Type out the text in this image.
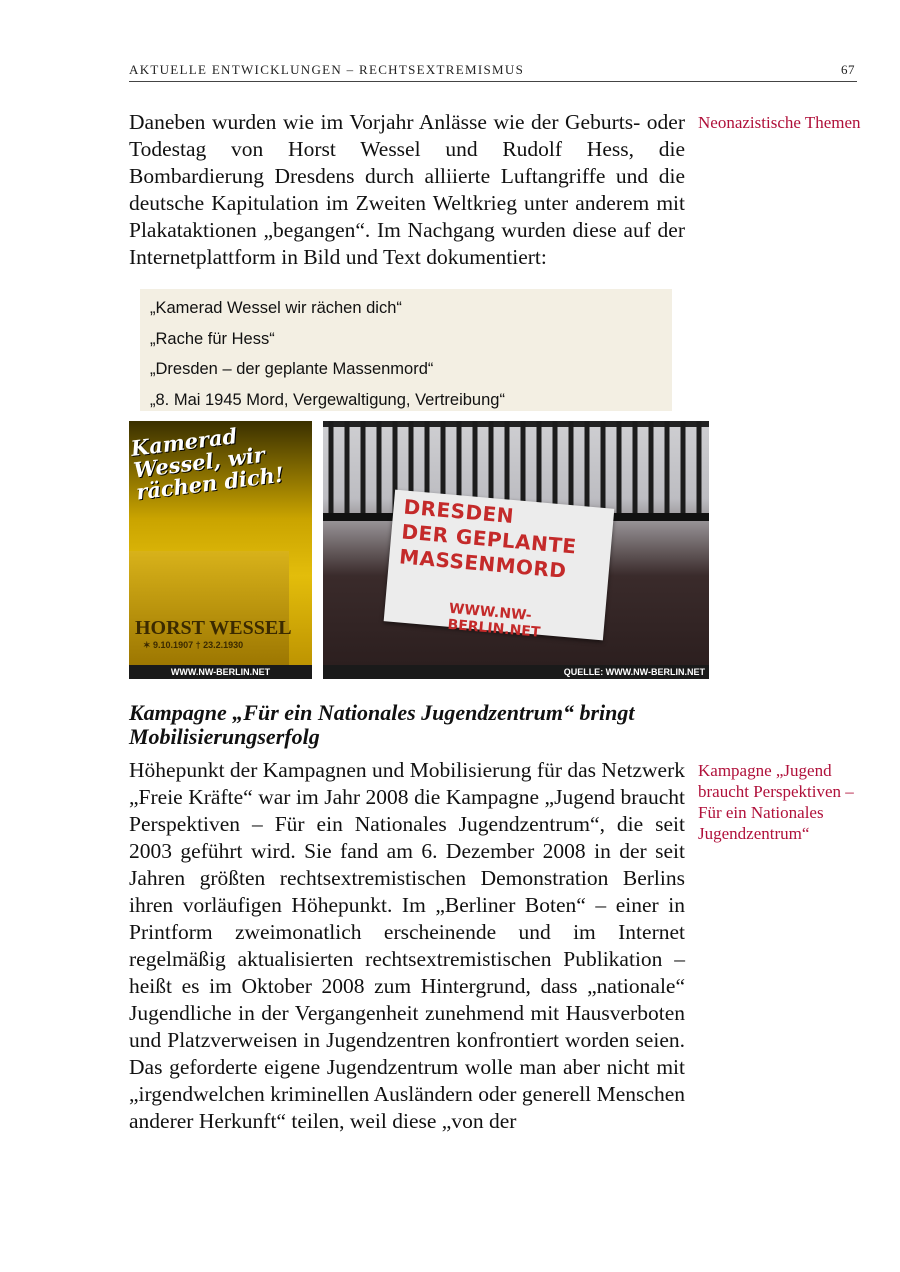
AKTUELLE ENTWICKLUNGEN – RECHTSEXTREMISMUS	67

Daneben wurden wie im Vorjahr Anlässe wie der Geburts- oder Todestag von Horst Wessel und Rudolf Hess, die Bombardierung Dresdens durch alliierte Luftangriffe und die deutsche Kapitulation im Zweiten Weltkrieg unter anderem mit Plakataktionen „begangen“. Im Nachgang wurden diese auf der Internetplattform in Bild und Text dokumentiert:

Neonazistische Themen
„Kamerad Wessel wir rächen dich“
„Rache für Hess“
„Dresden – der geplante Massenmord“
„8. Mai 1945 Mord, Vergewaltigung, Vertreibung“
Kamerad Wessel, wir rächen dich!
HORST WESSEL
✶ 9.10.1907 † 23.2.1930
WWW.NW-BERLIN.NET
DRESDEN
DER GEPLANTE
MASSENMORD
WWW.NW-BERLIN.NET
QUELLE: WWW.NW-BERLIN.NET
Kampagne „Für ein Nationales Jugendzentrum“ bringt Mobilisierungserfolg
Kampagne „Jugend braucht Perspektiven – Für ein Nationales Jugendzentrum“

Höhepunkt der Kampagnen und Mobilisierung für das Netzwerk „Freie Kräfte“ war im Jahr 2008 die Kampagne „Jugend braucht Perspektiven – Für ein Nationales Jugendzentrum“, die seit 2003 geführt wird. Sie fand am 6. Dezember 2008 in der seit Jahren größten rechtsextremistischen Demonstration Berlins ihren vorläufigen Höhepunkt. Im „Berliner Boten“ – einer in Printform zweimonatlich erscheinende und im Internet regelmäßig aktualisierten rechtsextremistischen Publikation – heißt es im Oktober 2008 zum Hintergrund, dass „nationale“ Jugendliche in der Vergangenheit zunehmend mit Hausverboten und Platzverweisen in Jugendzentren konfrontiert worden seien. Das geforderte eigene Jugendzentrum wolle man aber nicht mit „irgendwelchen kriminellen Ausländern oder generell Menschen anderer Herkunft“ teilen, weil diese „von der
